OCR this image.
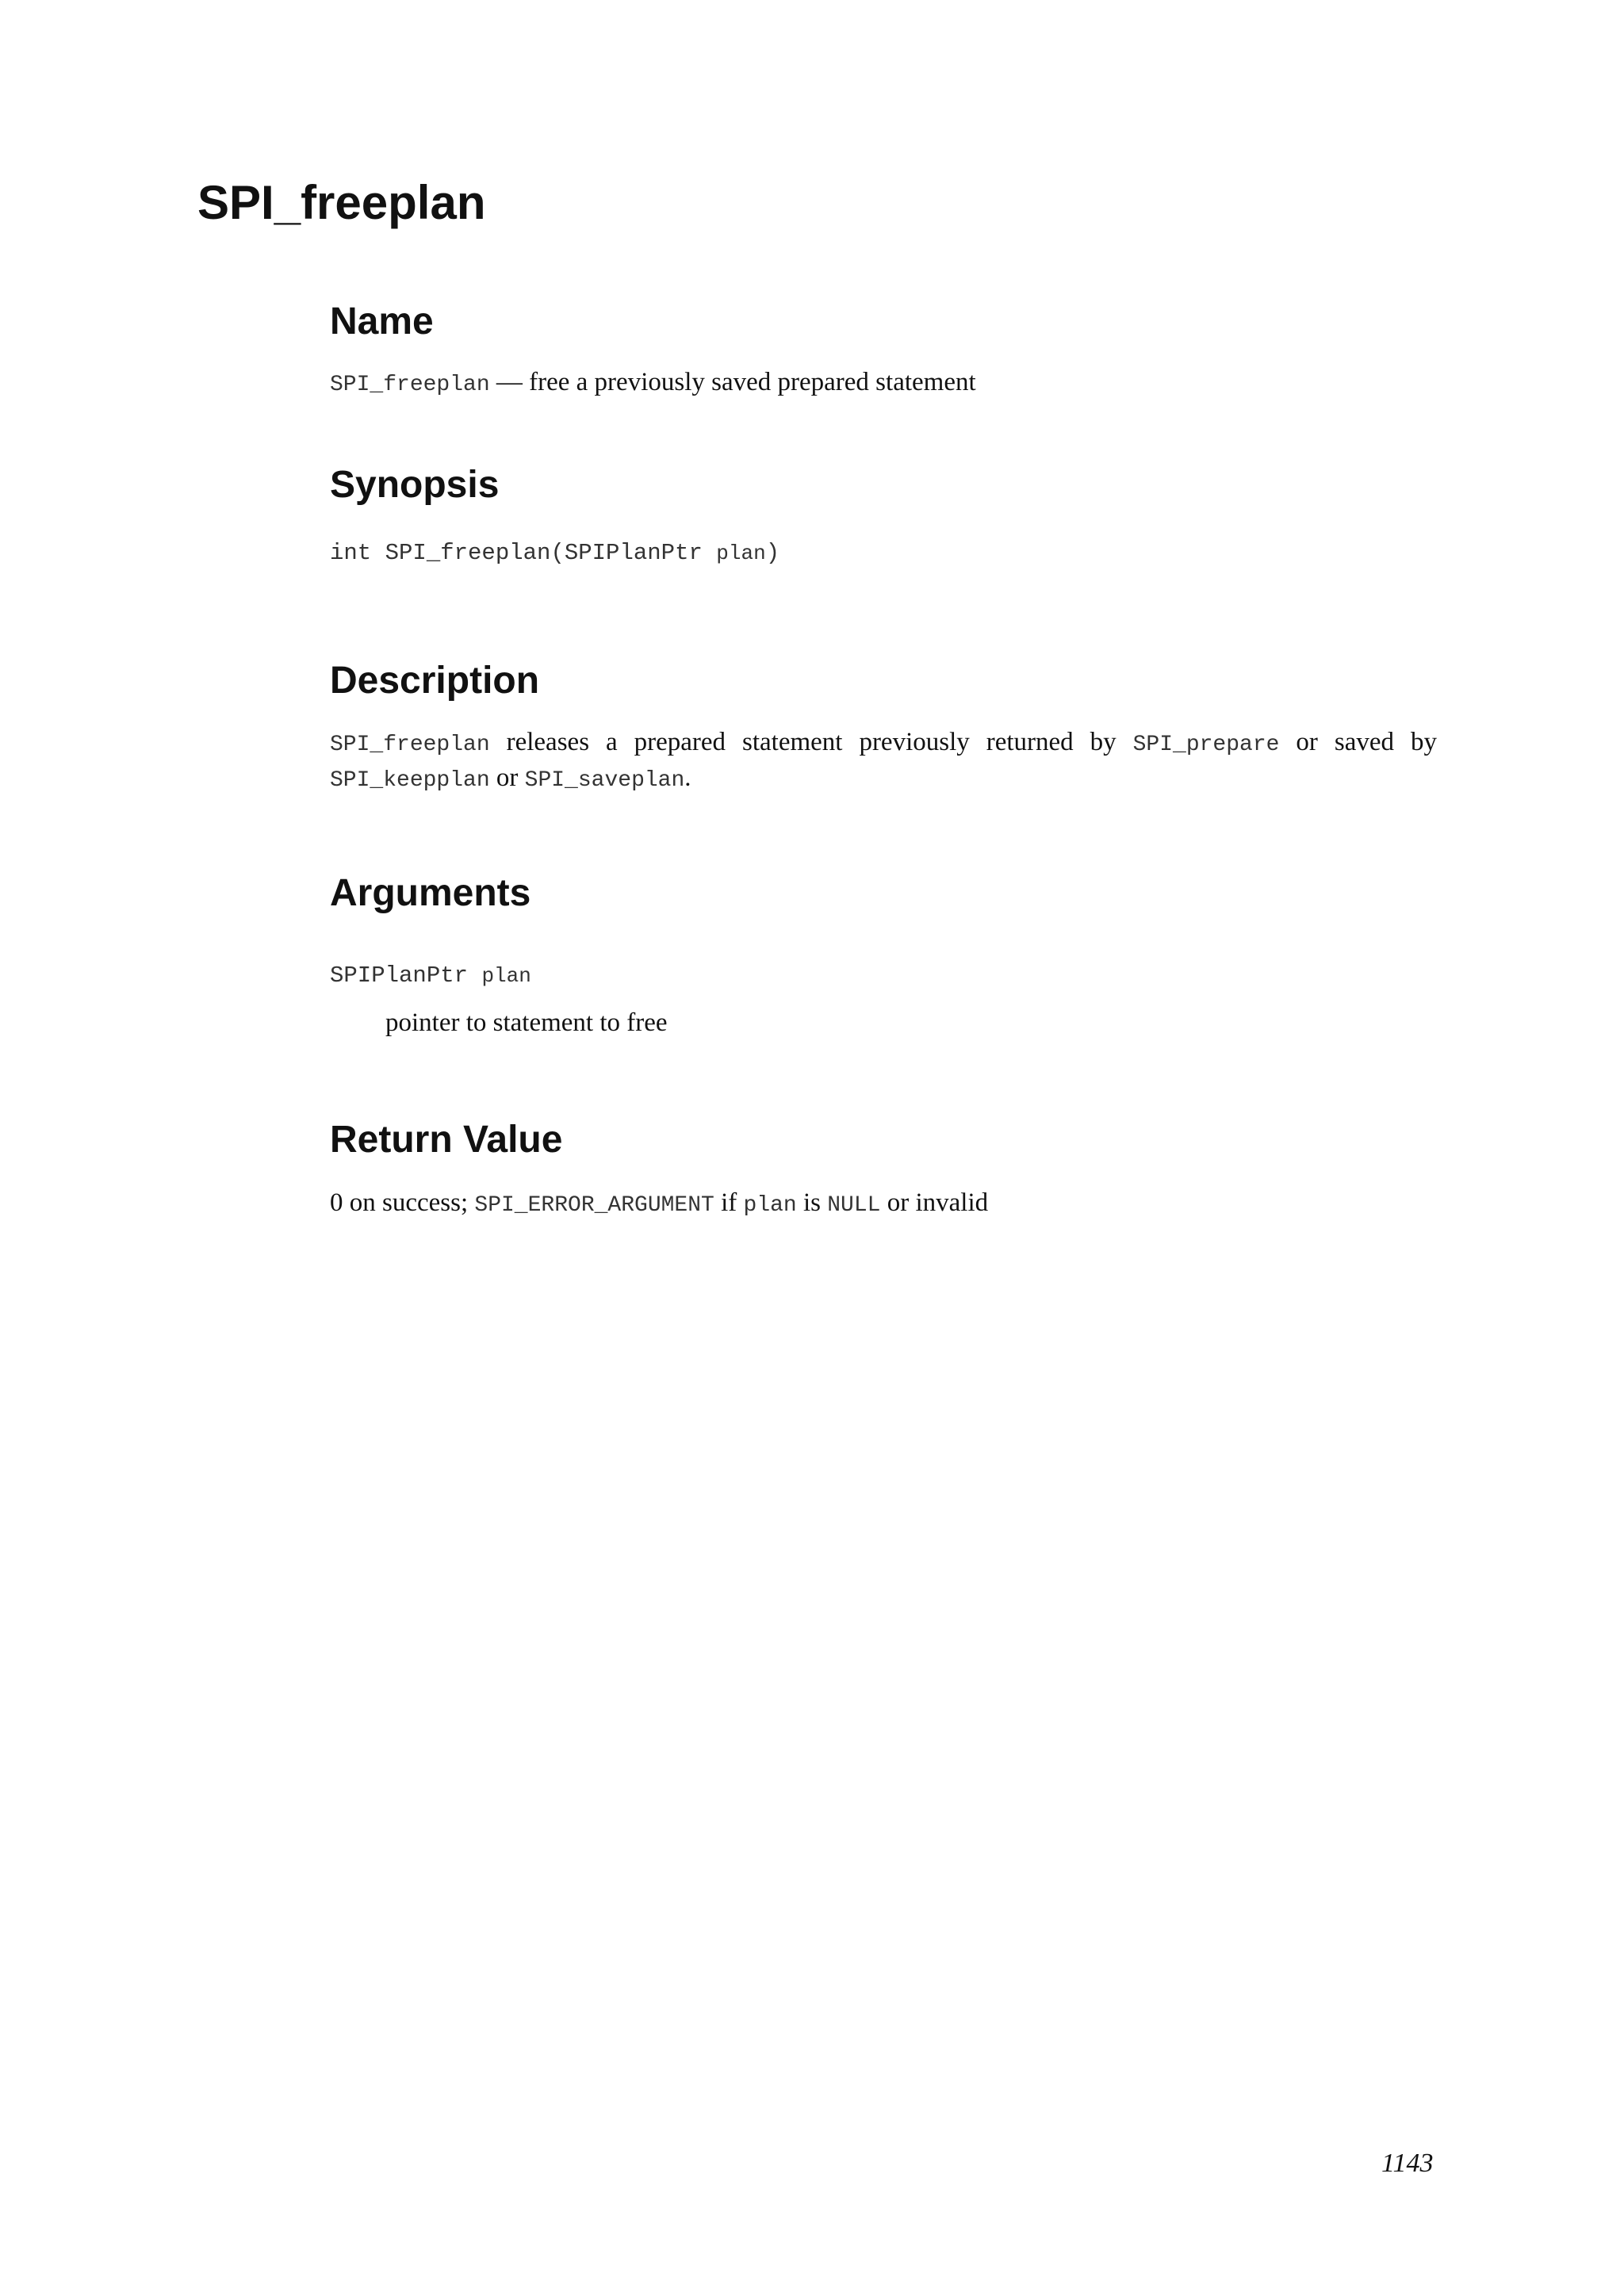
SPI_freeplan
Name

SPI_freeplan — free a previously saved prepared statement

Synopsis

int SPI_freeplan(SPIPlanPtr plan)

Description

SPI_freeplan releases a prepared statement previously returned by SPI_prepare or saved by

SPI_keepplan or SPI_saveplan.

Arguments

SPIPlanPtr plan

pointer to statement to free

Return Value

0 on success; SPI_ERROR_ARGUMENT if plan is NULL or invalid

1143
